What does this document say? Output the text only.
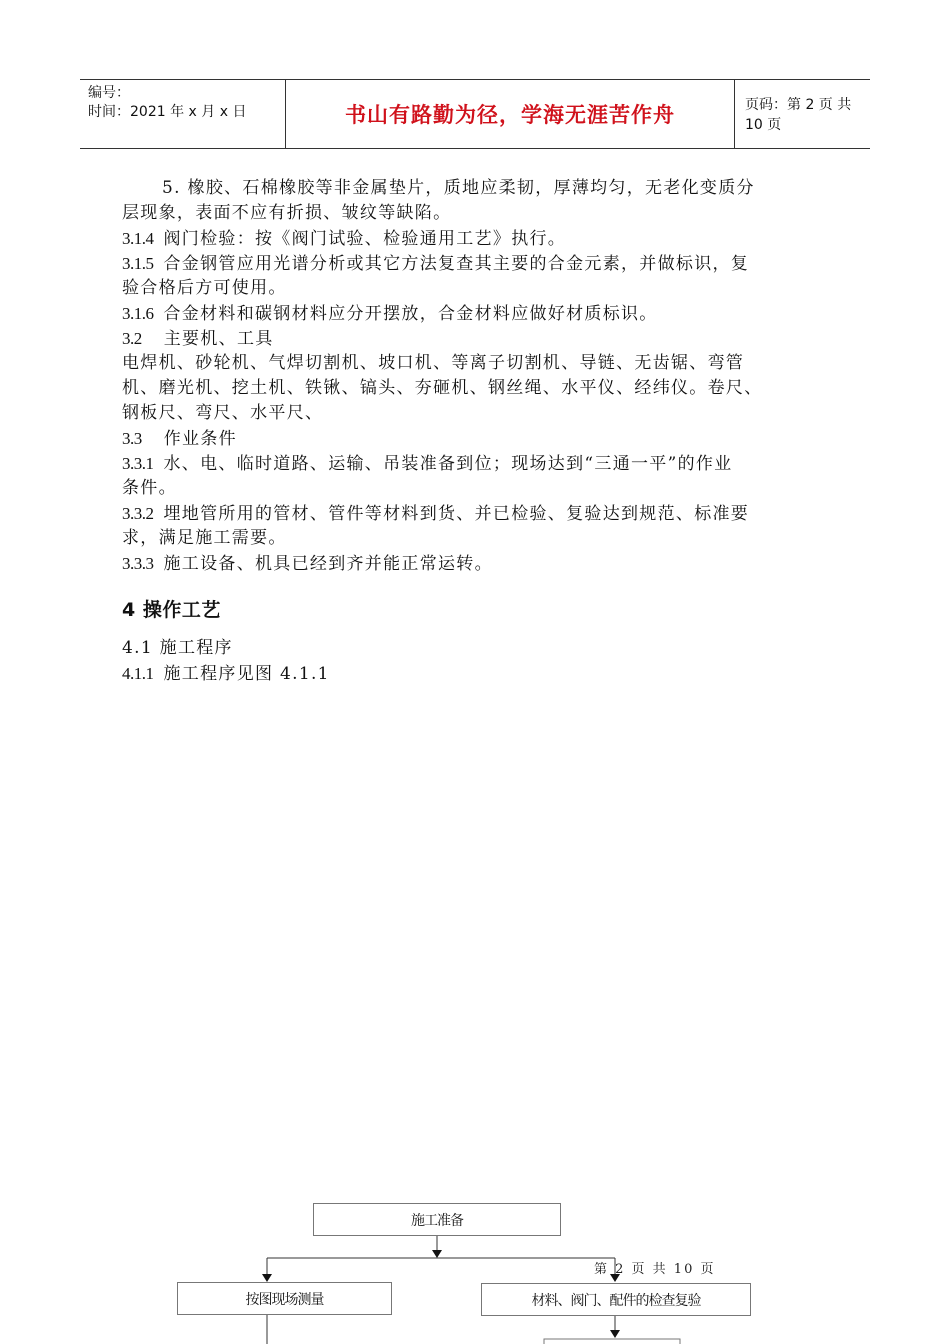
编号：
时间：2021 年 x 月 x 日	书山有路勤为径，学海无涯苦作舟	页码：第 2 页 共 10 页
5. 橡胶、石棉橡胶等非金属垫片，质地应柔韧，厚薄均匀，无老化变质分
层现象，表面不应有折损、皱纹等缺陷。
3.1.4 阀门检验：按《阀门试验、检验通用工艺》执行。
3.1.5 合金钢管应用光谱分析或其它方法复查其主要的合金元素，并做标识，复
验合格后方可使用。
3.1.6 合金材料和碳钢材料应分开摆放，合金材料应做好材质标识。
3.2 主要机、工具
电焊机、砂轮机、气焊切割机、坡口机、等离子切割机、导链、无齿锯、弯管
机、磨光机、挖土机、铁锹、镐头、夯砸机、钢丝绳、水平仪、经纬仪。卷尺、
钢板尺、弯尺、水平尺、
3.3 作业条件
3.3.1 水、电、临时道路、运输、吊装准备到位；现场达到“三通一平”的作业
条件。
3.3.2 埋地管所用的管材、管件等材料到货、并已检验、复验达到规范、标准要
求，满足施工需要。
3.3.3 施工设备、机具已经到齐并能正常运转。
4 操作工艺
4.1 施工程序
4.1.1 施工程序见图 4.1.1
施工准备
按图现场测量	材料、阀门、配件的检查复验
第 2 页 共 10 页
